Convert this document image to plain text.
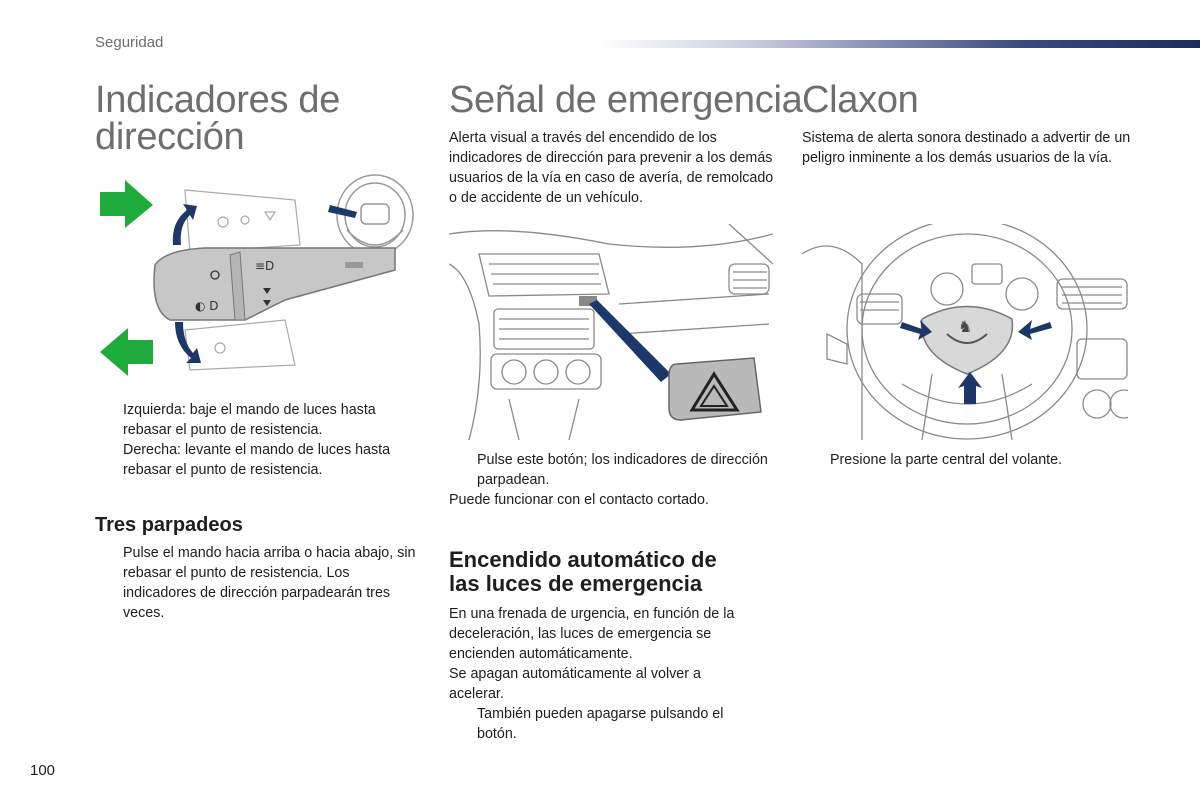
Seguridad
Indicadores de
dirección
◐ D
≡D
Izquierda: baje el mando de luces hasta rebasar el punto de resistencia.
Derecha: levante el mando de luces hasta rebasar el punto de resistencia.
Tres parpadeos
Pulse el mando hacia arriba o hacia abajo, sin rebasar el punto de resistencia. Los indicadores de dirección parpadearán tres veces.
Señal de emergencia

Alerta visual a través del encendido de los indicadores de dirección para prevenir a los demás usuarios de la vía en caso de avería, de remolcado o de accidente de un vehículo.

Pulse este botón; los indicadores de dirección parpadean.

Puede funcionar con el contacto cortado.

Encendido automático de
las luces de emergencia

En una frenada de urgencia, en función de la deceleración, las luces de emergencia se encienden automáticamente.

Se apagan automáticamente al volver a acelerar.

También pueden apagarse pulsando el botón.
Claxon

Sistema de alerta sonora destinado a advertir de un peligro inminente a los demás usuarios de la vía.

♞
Presione la parte central del volante.
100
